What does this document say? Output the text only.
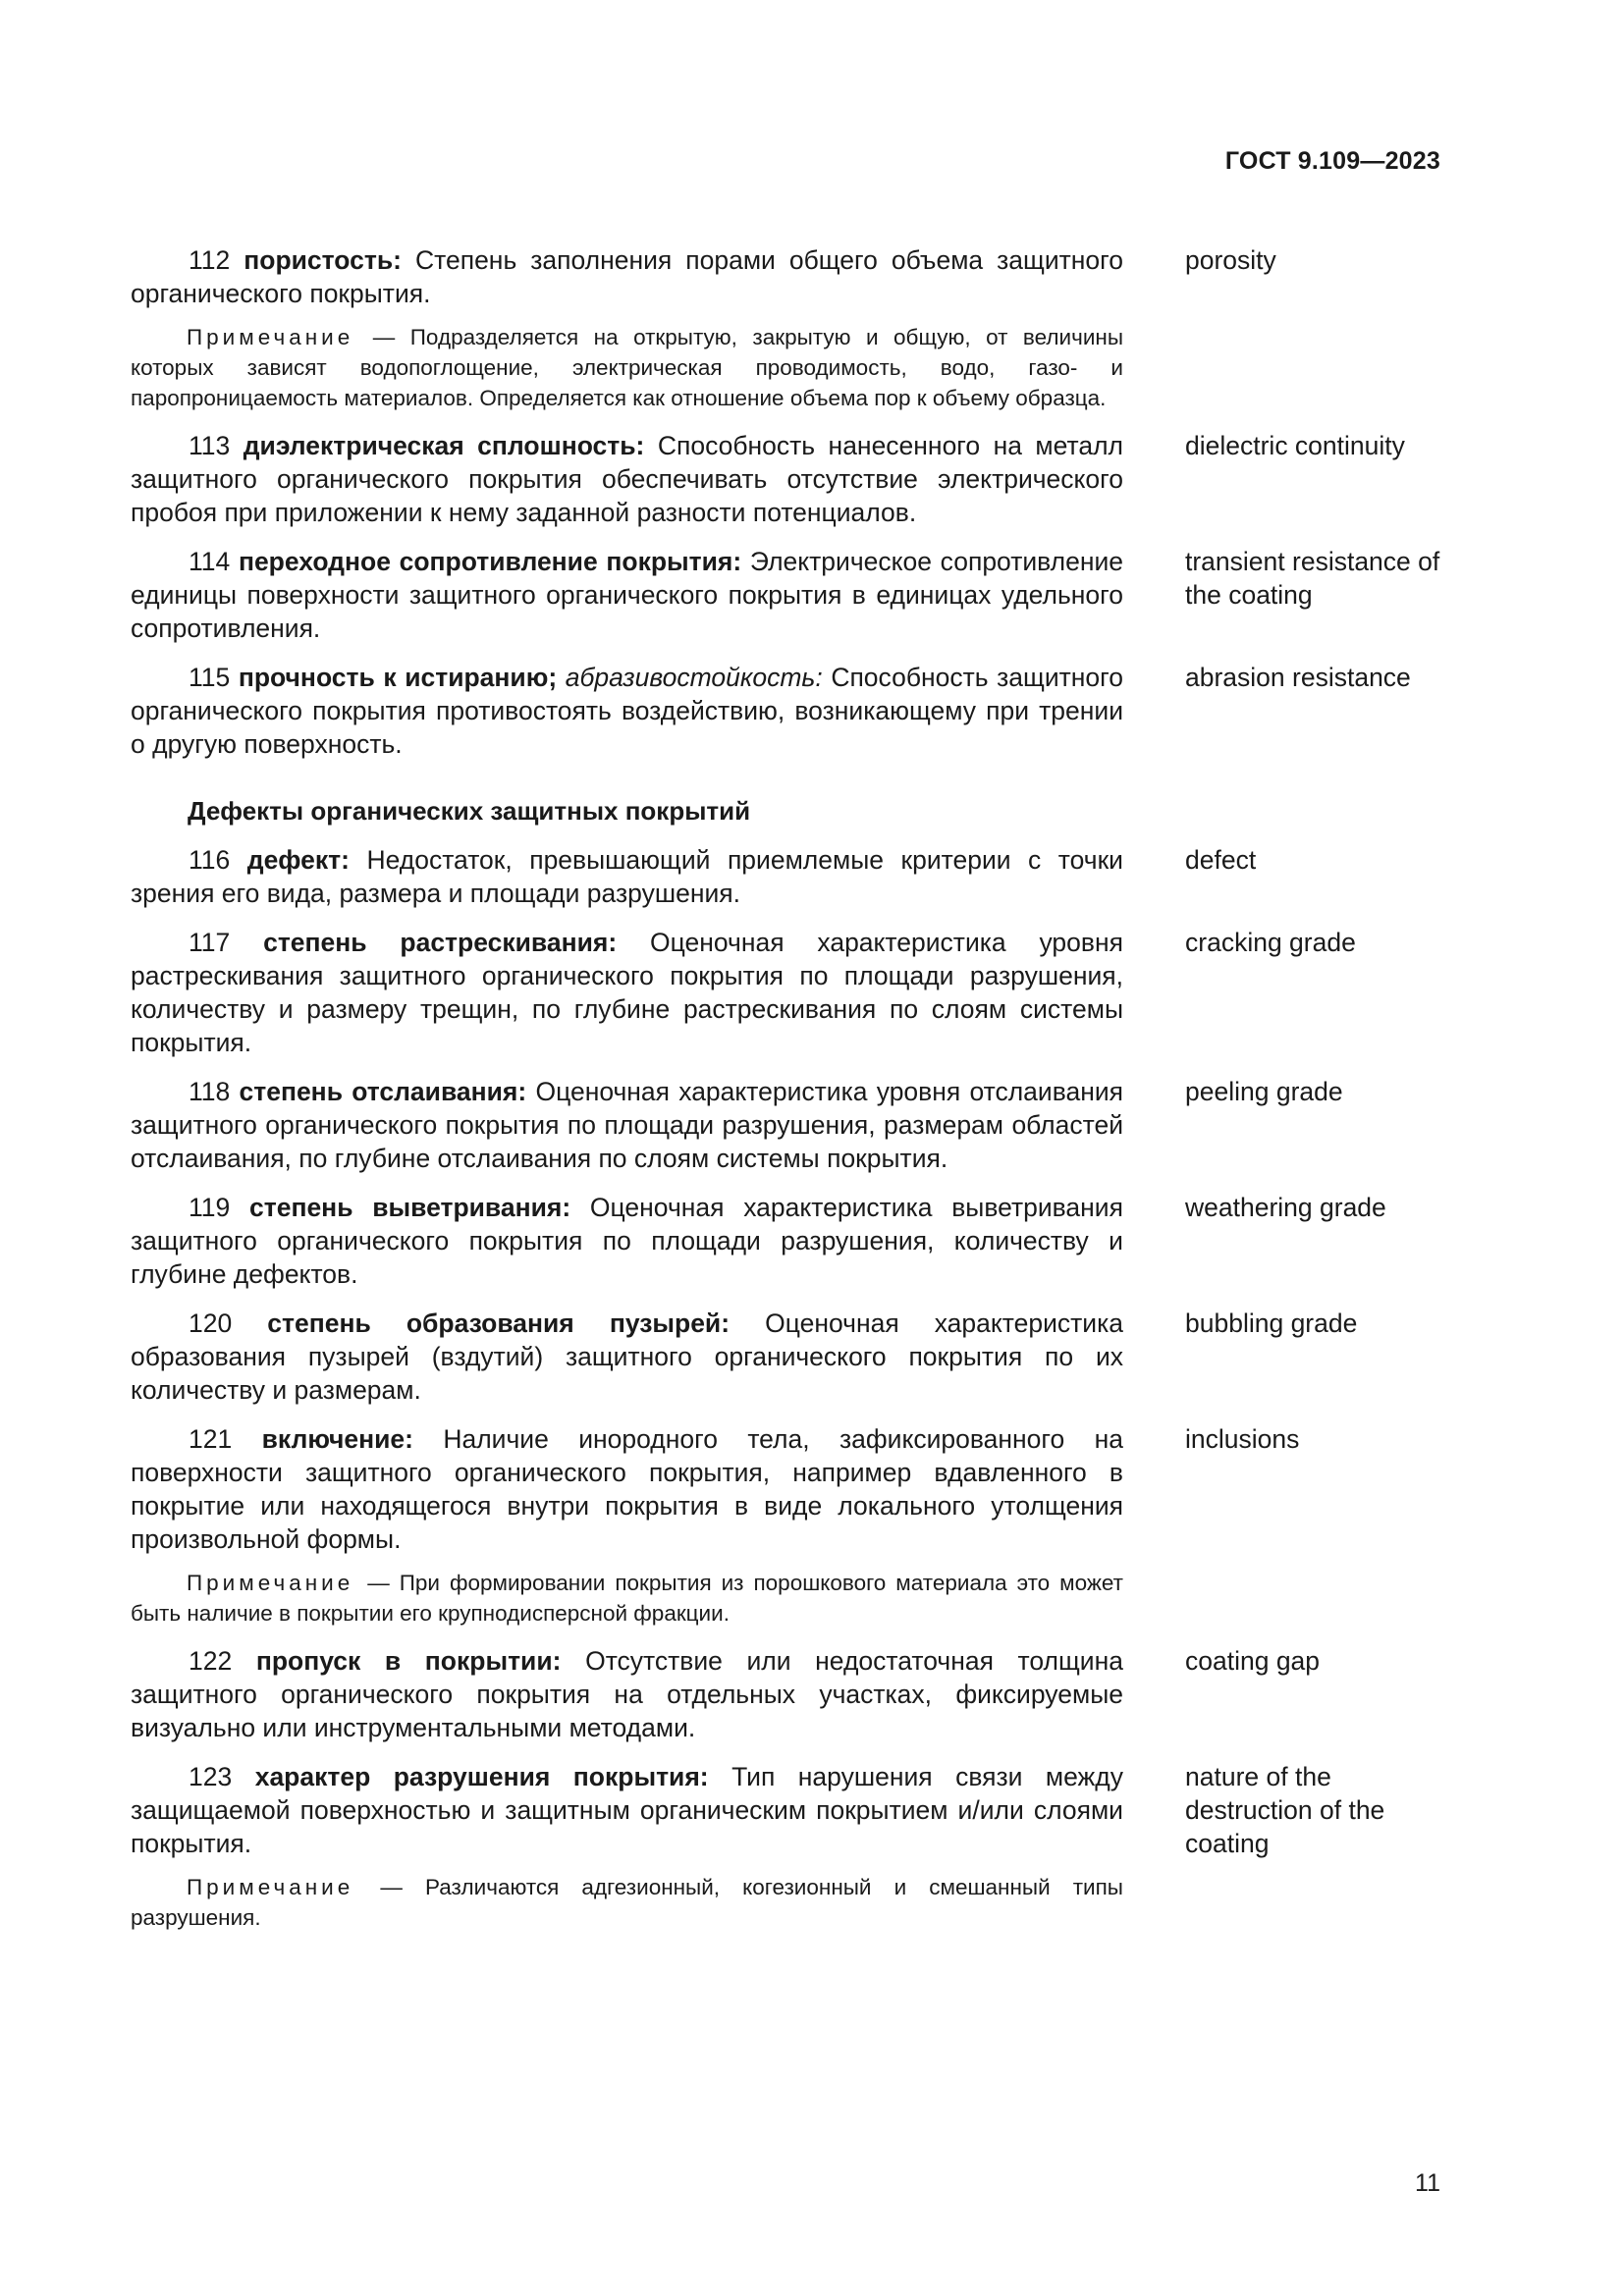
ГОСТ 9.109—2023
112 пористость: Степень заполнения порами общего объема защитного органического покрытия.
porosity
Примечание — Подразделяется на открытую, закрытую и общую, от величины которых зависят водопоглощение, электрическая проводимость, водо, газо- и паропроницаемость материалов. Определяется как отношение объема пор к объему образца.
113 диэлектрическая сплошность: Способность нанесенного на металл защитного органического покрытия обеспечивать отсутствие электрического пробоя при приложении к нему заданной разности потенциалов.
dielectric continuity
114 переходное сопротивление покрытия: Электрическое сопротивление единицы поверхности защитного органического покрытия в единицах удельного сопротивления.
transient resistance of the coating
115 прочность к истиранию; абразивостойкость: Способность защитного органического покрытия противостоять воздействию, возникающему при трении о другую поверхность.
abrasion resistance
Дефекты органических защитных покрытий
116 дефект: Недостаток, превышающий приемлемые критерии с точки зрения его вида, размера и площади разрушения.
defect
117 степень растрескивания: Оценочная характеристика уровня растрескивания защитного органического покрытия по площади разрушения, количеству и размеру трещин, по глубине растрескивания по слоям системы покрытия.
cracking grade
118 степень отслаивания: Оценочная характеристика уровня отслаивания защитного органического покрытия по площади разрушения, размерам областей отслаивания, по глубине отслаивания по слоям системы покрытия.
peeling grade
119 степень выветривания: Оценочная характеристика выветривания защитного органического покрытия по площади разрушения, количеству и глубине дефектов.
weathering grade
120 степень образования пузырей: Оценочная характеристика образования пузырей (вздутий) защитного органического покрытия по их количеству и размерам.
bubbling grade
121 включение: Наличие инородного тела, зафиксированного на поверхности защитного органического покрытия, например вдавленного в покрытие или находящегося внутри покрытия в виде локального утолщения произвольной формы.
inclusions
Примечание — При формировании покрытия из порошкового материала это может быть наличие в покрытии его крупнодисперсной фракции.
122 пропуск в покрытии: Отсутствие или недостаточная толщина защитного органического покрытия на отдельных участках, фиксируемые визуально или инструментальными методами.
coating gap
123 характер разрушения покрытия: Тип нарушения связи между защищаемой поверхностью и защитным органическим покрытием и/или слоями покрытия.
nature of the destruction of the coating
Примечание — Различаются адгезионный, когезионный и смешанный типы разрушения.
11
